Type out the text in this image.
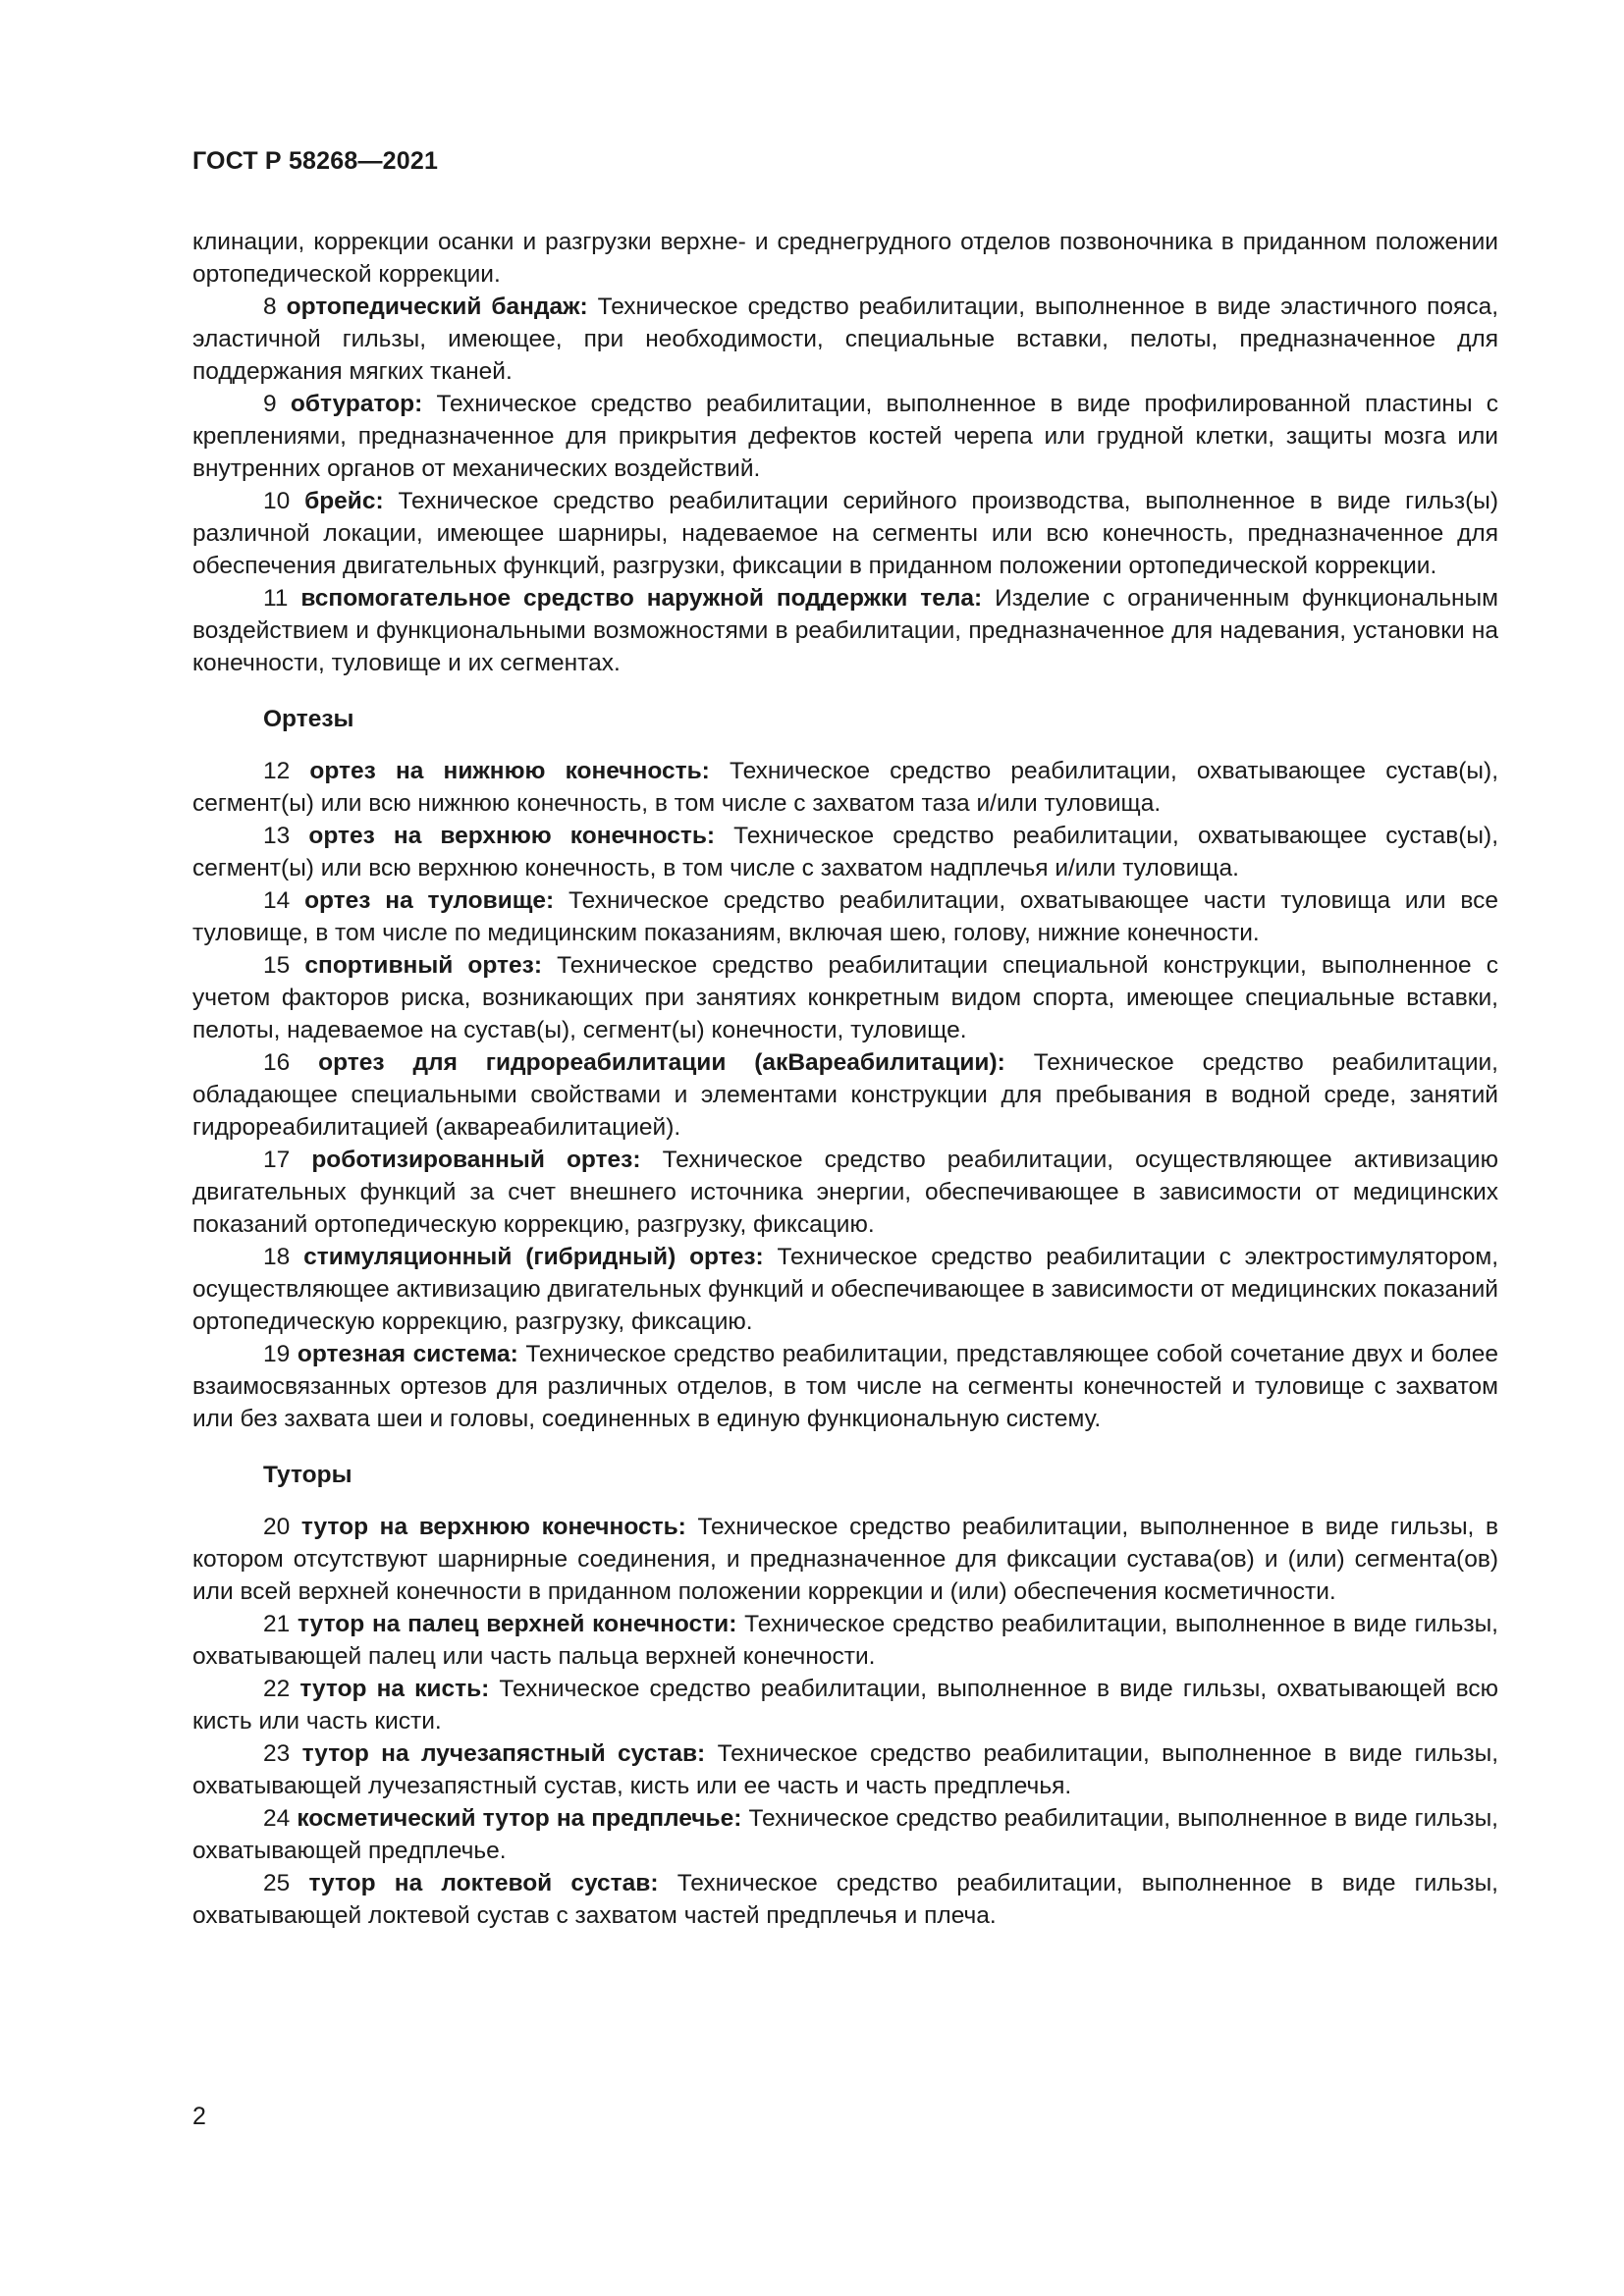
ГОСТ Р 58268—2021

клинации, коррекции осанки и разгрузки верхне- и среднегрудного отделов позвоночника в приданном положении ортопедической коррекции.

8 ортопедический бандаж: Техническое средство реабилитации, выполненное в виде эластичного пояса, эластичной гильзы, имеющее, при необходимости, специальные вставки, пелоты, предназначенное для поддержания мягких тканей.

9 обтуратор: Техническое средство реабилитации, выполненное в виде профилированной пластины с креплениями, предназначенное для прикрытия дефектов костей черепа или грудной клетки, защиты мозга или внутренних органов от механических воздействий.

10 брейс: Техническое средство реабилитации серийного производства, выполненное в виде гильз(ы) различной локации, имеющее шарниры, надеваемое на сегменты или всю конечность, предназначенное для обеспечения двигательных функций, разгрузки, фиксации в приданном положении ортопедической коррекции.

11 вспомогательное средство наружной поддержки тела: Изделие с ограниченным функциональным воздействием и функциональными возможностями в реабилитации, предназначенное для надевания, установки на конечности, туловище и их сегментах.

Ортезы

12 ортез на нижнюю конечность: Техническое средство реабилитации, охватывающее сустав(ы), сегмент(ы) или всю нижнюю конечность, в том числе с захватом таза и/или туловища.

13 ортез на верхнюю конечность: Техническое средство реабилитации, охватывающее сустав(ы), сегмент(ы) или всю верхнюю конечность, в том числе с захватом надплечья и/или туловища.

14 ортез на туловище: Техническое средство реабилитации, охватывающее части туловища или все туловище, в том числе по медицинским показаниям, включая шею, голову, нижние конечности.

15 спортивный ортез: Техническое средство реабилитации специальной конструкции, выполненное с учетом факторов риска, возникающих при занятиях конкретным видом спорта, имеющее специальные вставки, пелоты, надеваемое на сустав(ы), сегмент(ы) конечности, туловище.

16 ортез для гидрореабилитации (акВареабилитации): Техническое средство реабилитации, обладающее специальными свойствами и элементами конструкции для пребывания в водной среде, занятий гидрореабилитацией (аквареабилитацией).

17 роботизированный ортез: Техническое средство реабилитации, осуществляющее активизацию двигательных функций за счет внешнего источника энергии, обеспечивающее в зависимости от медицинских показаний ортопедическую коррекцию, разгрузку, фиксацию.

18 стимуляционный (гибридный) ортез: Техническое средство реабилитации с электростимулятором, осуществляющее активизацию двигательных функций и обеспечивающее в зависимости от медицинских показаний ортопедическую коррекцию, разгрузку, фиксацию.

19 ортезная система: Техническое средство реабилитации, представляющее собой сочетание двух и более взаимосвязанных ортезов для различных отделов, в том числе на сегменты конечностей и туловище с захватом или без захвата шеи и головы, соединенных в единую функциональную систему.

Туторы

20 тутор на верхнюю конечность: Техническое средство реабилитации, выполненное в виде гильзы, в котором отсутствуют шарнирные соединения, и предназначенное для фиксации сустава(ов) и (или) сегмента(ов) или всей верхней конечности в приданном положении коррекции и (или) обеспечения косметичности.

21 тутор на палец верхней конечности: Техническое средство реабилитации, выполненное в виде гильзы, охватывающей палец или часть пальца верхней конечности.

22 тутор на кисть: Техническое средство реабилитации, выполненное в виде гильзы, охватывающей всю кисть или часть кисти.

23 тутор на лучезапястный сустав: Техническое средство реабилитации, выполненное в виде гильзы, охватывающей лучезапястный сустав, кисть или ее часть и часть предплечья.

24 косметический тутор на предплечье: Техническое средство реабилитации, выполненное в виде гильзы, охватывающей предплечье.

25 тутор на локтевой сустав: Техническое средство реабилитации, выполненное в виде гильзы, охватывающей локтевой сустав с захватом частей предплечья и плеча.

2
